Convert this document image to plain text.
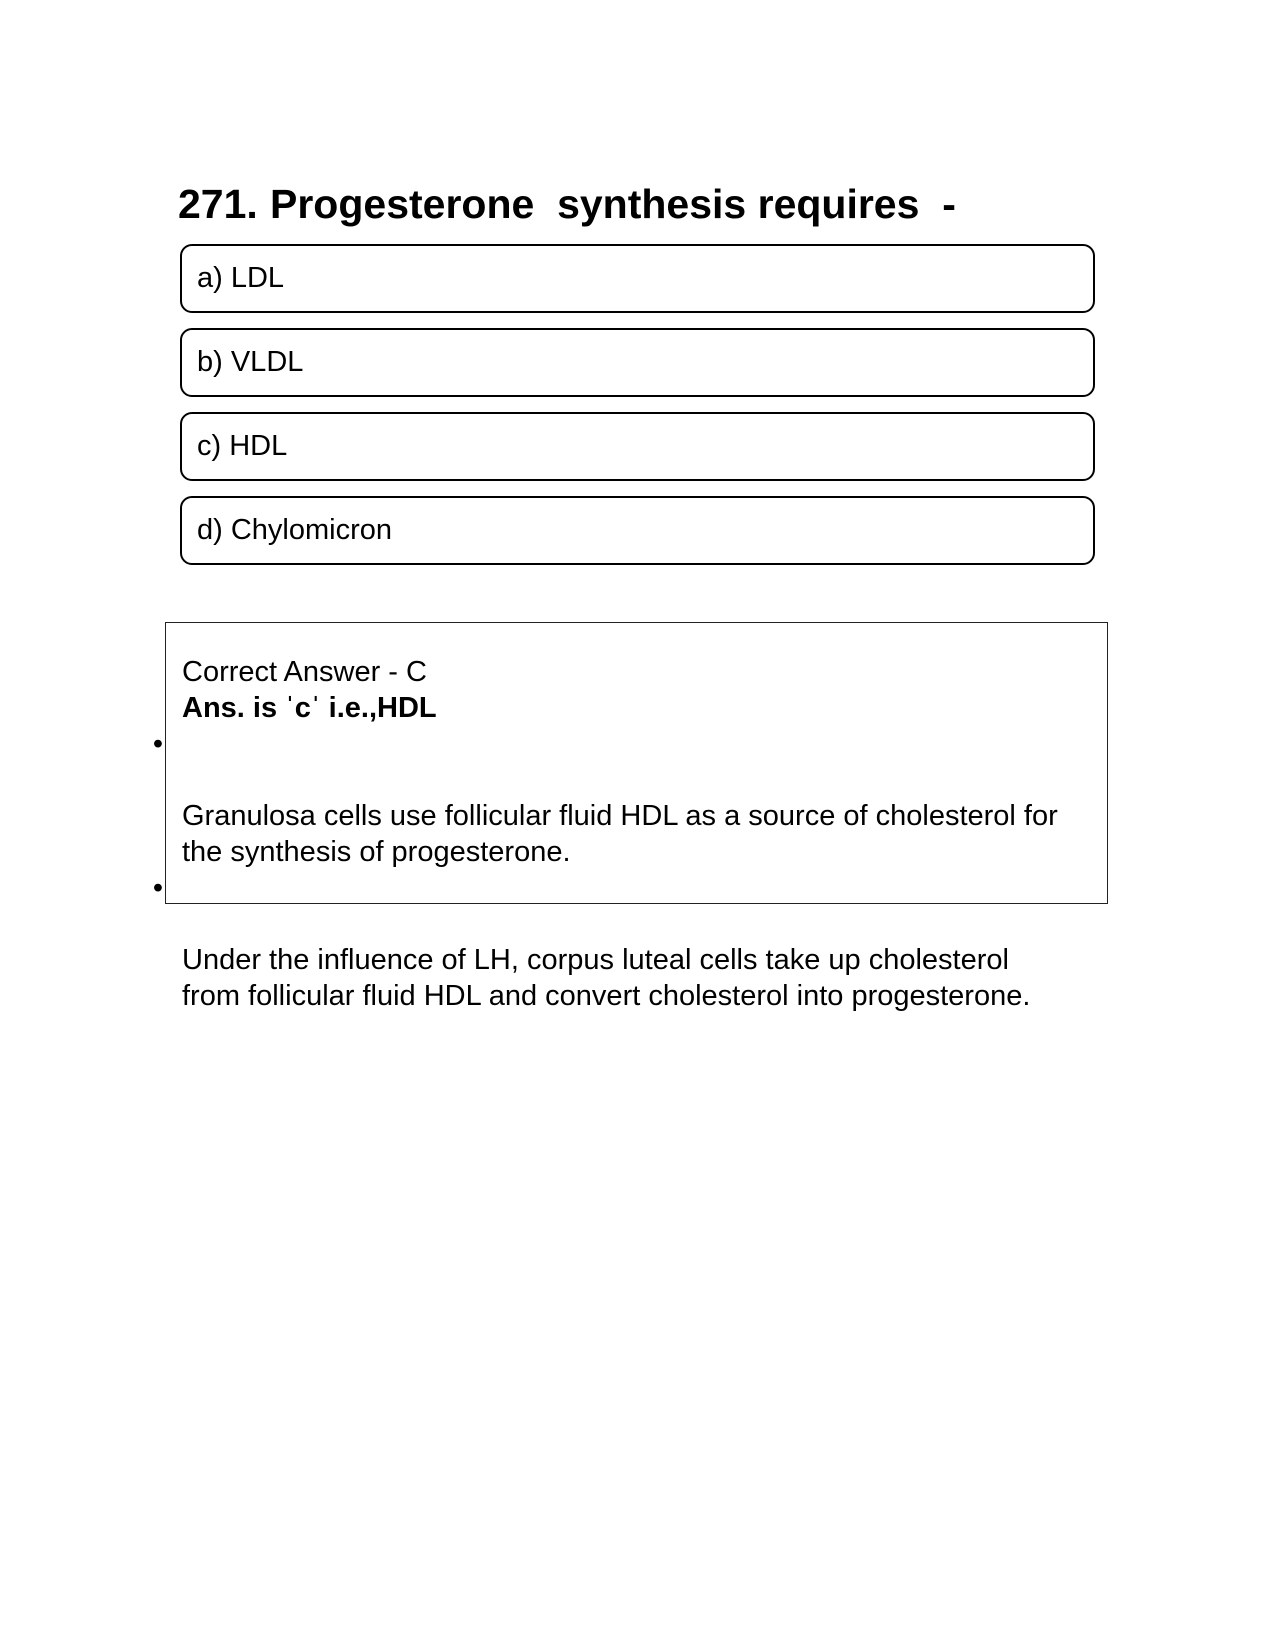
271. Progesterone  synthesis requires  -
a) LDL
b) VLDL
c) HDL
d) Chylomicron
Correct Answer - C
Ans. is ˈcˈ i.e.,HDL

•

Granulosa cells use follicular fluid HDL as a source of cholesterol for
the synthesis of progesterone.

•

Under the influence of LH, corpus luteal cells take up cholesterol
from follicular fluid HDL and convert cholesterol into progesterone.
